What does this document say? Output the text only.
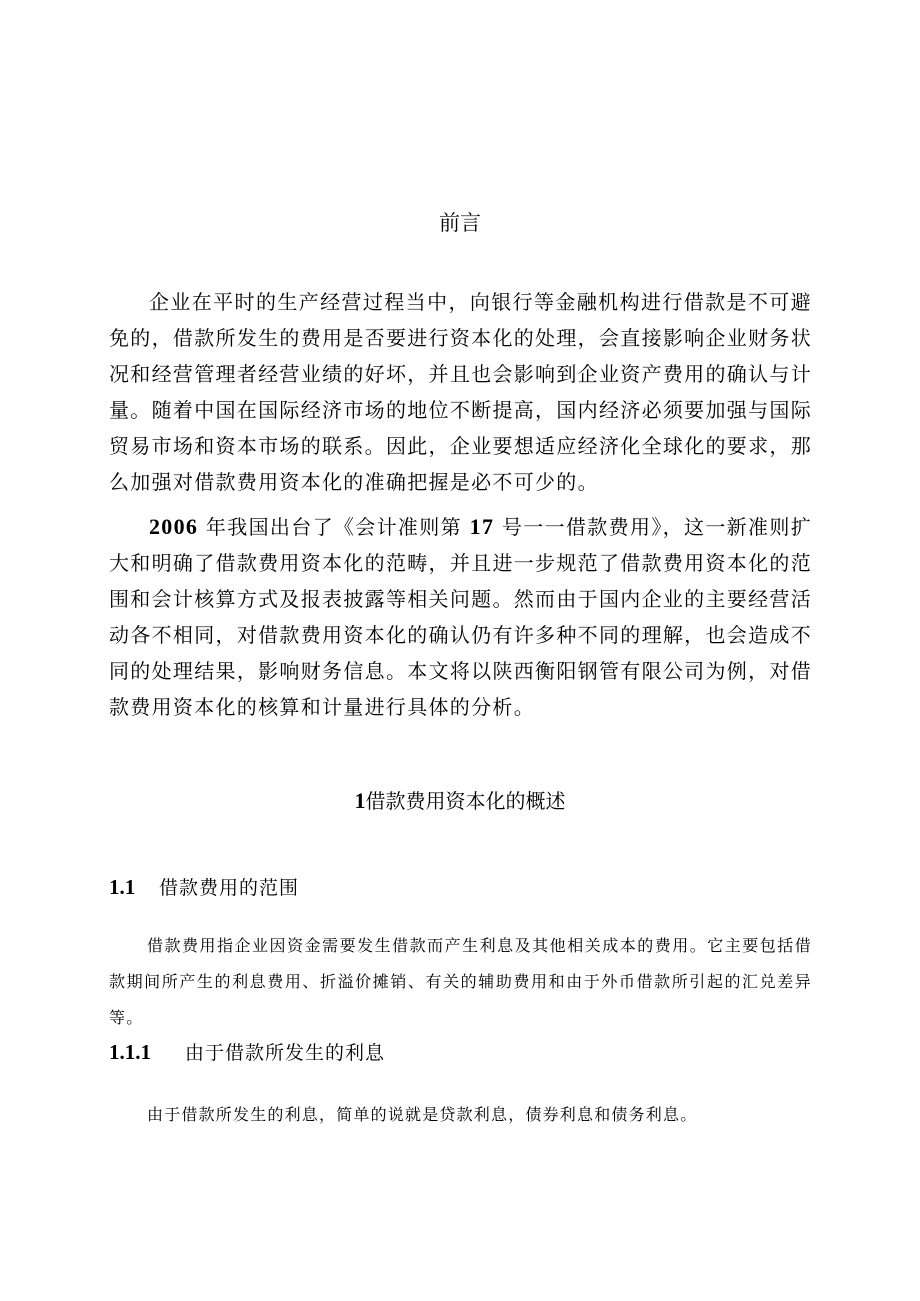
前言

企业在平时的生产经营过程当中，向银行等金融机构进行借款是不可避免的，借款所发生的费用是否要进行资本化的处理，会直接影响企业财务状况和经营管理者经营业绩的好坏，并且也会影响到企业资产费用的确认与计量。随着中国在国际经济市场的地位不断提高，国内经济必须要加强与国际贸易市场和资本市场的联系。因此，企业要想适应经济化全球化的要求，那么加强对借款费用资本化的准确把握是必不可少的。

2006 年我国出台了《会计准则第 17 号一一借款费用》，这一新准则扩大和明确了借款费用资本化的范畴，并且进一步规范了借款费用资本化的范围和会计核算方式及报表披露等相关问题。然而由于国内企业的主要经营活动各不相同，对借款费用资本化的确认仍有许多种不同的理解，也会造成不同的处理结果，影响财务信息。本文将以陕西衡阳钢管有限公司为例，对借款费用资本化的核算和计量进行具体的分析。

1借款费用资本化的概述
1.1 借款费用的范围

借款费用指企业因资金需要发生借款而产生利息及其他相关成本的费用。它主要包括借款期间所产生的利息费用、折溢价摊销、有关的辅助费用和由于外币借款所引起的汇兑差异等。

1.1.1 由于借款所发生的利息

由于借款所发生的利息，简单的说就是贷款利息，债券利息和债务利息。
